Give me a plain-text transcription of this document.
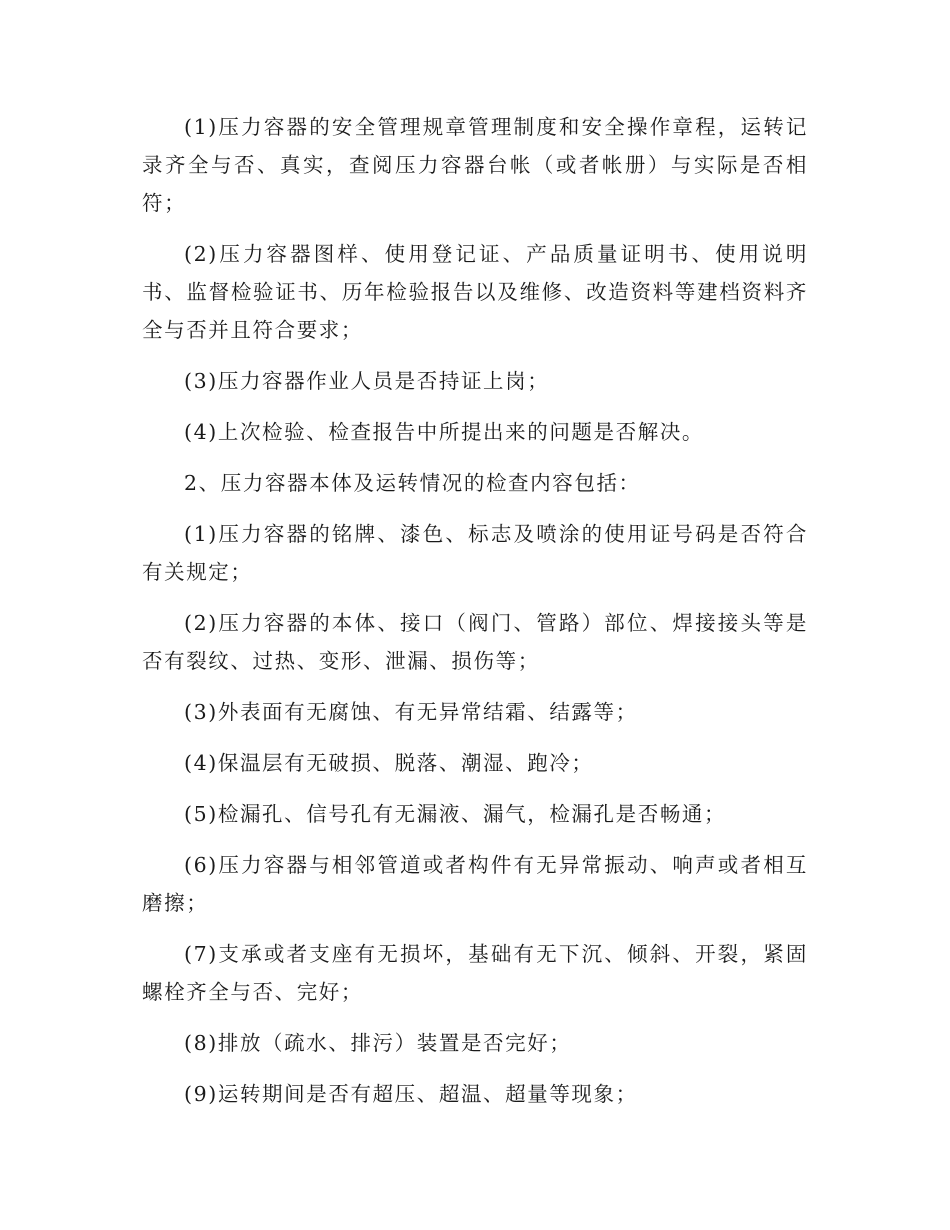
(1)压力容器的安全管理规章管理制度和安全操作章程，运转记录齐全与否、真实，查阅压力容器台帐（或者帐册）与实际是否相符；

(2)压力容器图样、使用登记证、产品质量证明书、使用说明书、监督检验证书、历年检验报告以及维修、改造资料等建档资料齐全与否并且符合要求；

(3)压力容器作业人员是否持证上岗；

(4)上次检验、检查报告中所提出来的问题是否解决。

2、压力容器本体及运转情况的检查内容包括：

(1)压力容器的铭牌、漆色、标志及喷涂的使用证号码是否符合有关规定；

(2)压力容器的本体、接口（阀门、管路）部位、焊接接头等是否有裂纹、过热、变形、泄漏、损伤等；

(3)外表面有无腐蚀、有无异常结霜、结露等；

(4)保温层有无破损、脱落、潮湿、跑冷；

(5)检漏孔、信号孔有无漏液、漏气，检漏孔是否畅通；

(6)压力容器与相邻管道或者构件有无异常振动、响声或者相互磨擦；

(7)支承或者支座有无损坏，基础有无下沉、倾斜、开裂，紧固螺栓齐全与否、完好；

(8)排放（疏水、排污）装置是否完好；

(9)运转期间是否有超压、超温、超量等现象；
